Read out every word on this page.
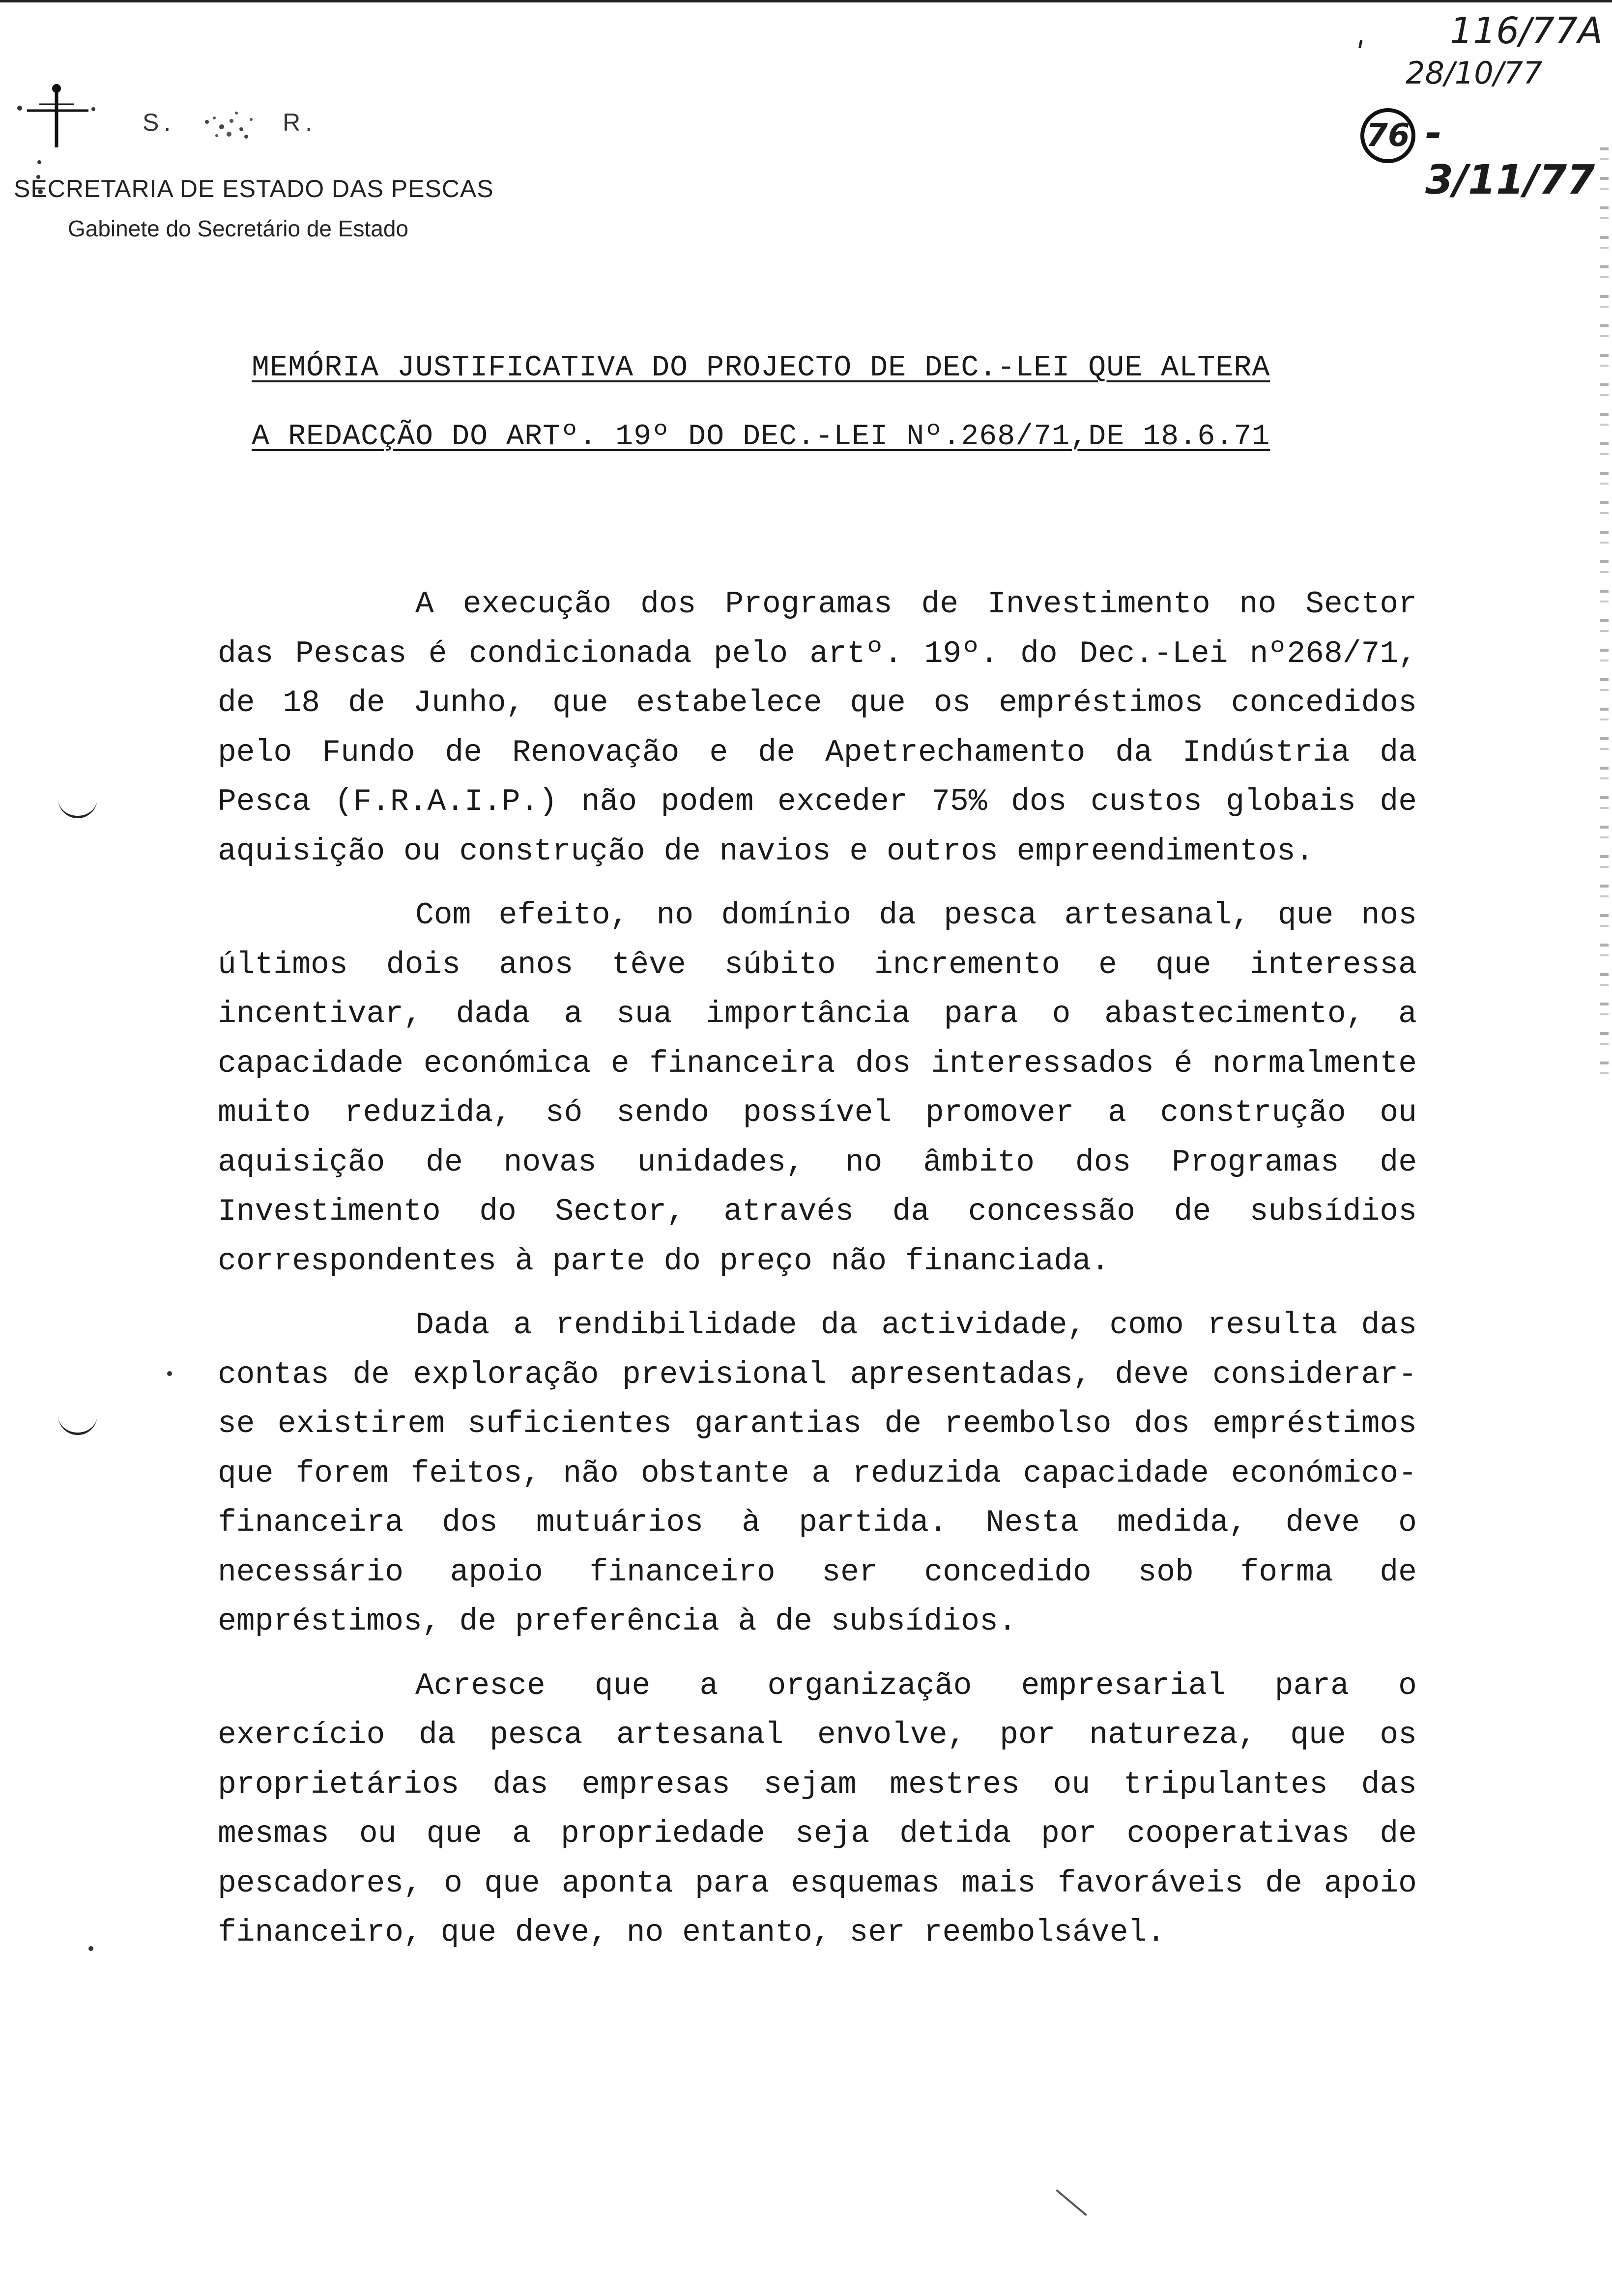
S.	R.
SECRETARIA DE ESTADO DAS PESCAS
Gabinete do Secretário de Estado
ꞌ 116/77A
28/10/77
76 - 3/11/77
MEMÓRIA JUSTIFICATIVA DO PROJECTO DE DEC.-LEI QUE ALTERA
A REDACÇÃO DO ARTº. 19º DO DEC.-LEI Nº.268/71,DE 18.6.71

A execução dos Programas de Investimento no Sector das Pescas é condicionada pelo artº. 19º. do Dec.-Lei nº268/71, de 18 de Junho, que estabelece que os empréstimos concedidos pelo Fundo de Renovação e de Apetrechamento da Indústria da Pesca (F.R.A.I.P.) não podem exceder 75% dos custos globais de aquisição ou construção de navios e outros empreendimentos.

Com efeito, no domínio da pesca artesanal, que nos últimos dois anos têve súbito incremento e que interessa incentivar, dada a sua importância para o abastecimento, a capacidade económica e financeira dos interessados é normalmente muito reduzida, só sendo possível promover a construção ou aquisição de novas unidades, no âmbito dos Programas de Investimento do Sector, através da concessão de subsídios correspondentes à parte do preço não financiada.

Dada a rendibilidade da actividade, como resulta das contas de exploração previsional apresentadas, deve considerar-se existirem suficientes garantias de reembolso dos empréstimos que forem feitos, não obstante a reduzida capacidade económico-financeira dos mutuários à partida. Nesta medida, deve o necessário apoio financeiro ser concedido sob forma de empréstimos, de preferência à de subsídios.

Acresce que a organização empresarial para o exercício da pesca artesanal envolve, por natureza, que os proprietários das empresas sejam mestres ou tripulantes das mesmas ou que a propriedade seja detida por cooperativas de pescadores, o que aponta para esquemas mais favoráveis de apoio financeiro, que deve, no entanto, ser reembolsável.
